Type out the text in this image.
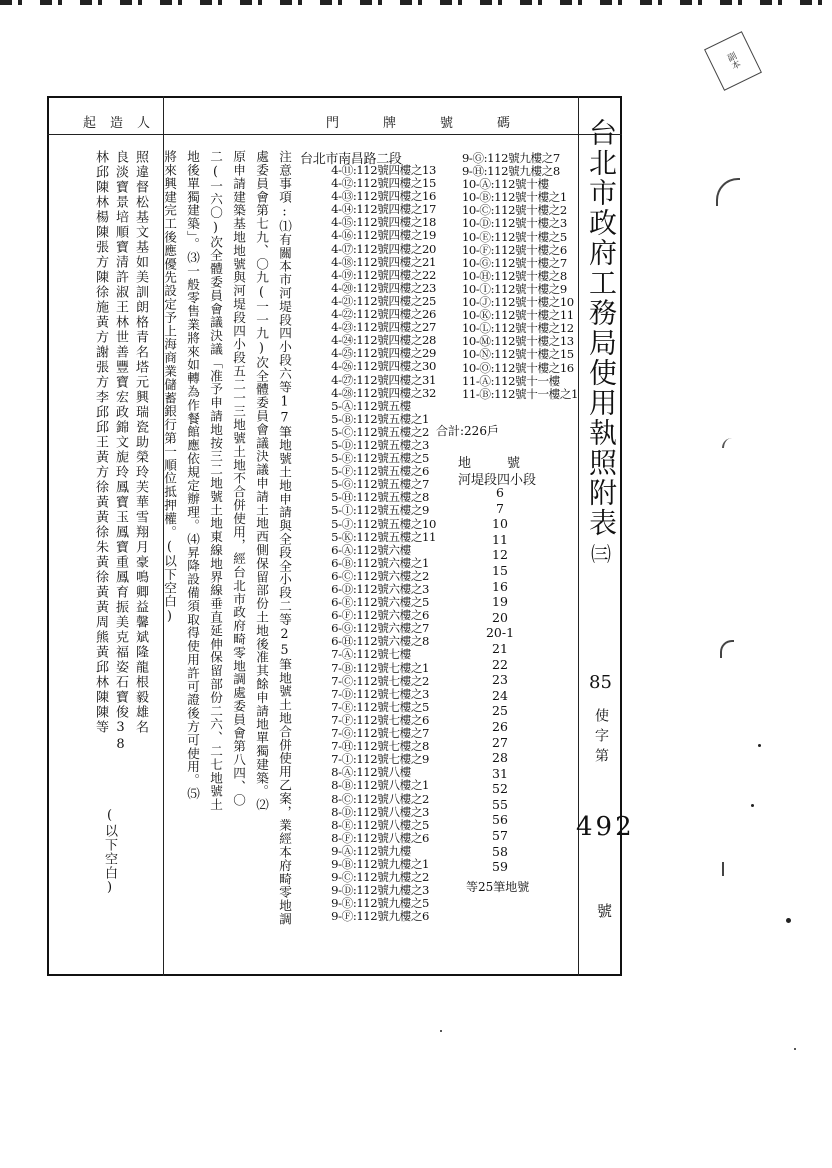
副本
起造人	門牌號碼 台北市政府工務局使用執照附表
㈢
85
使字第
492
號
台北市南昌路二段
4-⑪:112號四樓之13
4-⑫:112號四樓之15
4-⑬:112號四樓之16
4-⑭:112號四樓之17
4-⑮:112號四樓之18
4-⑯:112號四樓之19
4-⑰:112號四樓之20
4-⑱:112號四樓之21
4-⑲:112號四樓之22
4-⑳:112號四樓之23
4-㉑:112號四樓之25
4-㉒:112號四樓之26
4-㉓:112號四樓之27
4-㉔:112號四樓之28
4-㉕:112號四樓之29
4-㉖:112號四樓之30
4-㉗:112號四樓之31
4-㉘:112號四樓之32
5-Ⓐ:112號五樓
5-Ⓑ:112號五樓之1
5-Ⓒ:112號五樓之2
5-Ⓓ:112號五樓之3
5-Ⓔ:112號五樓之5
5-Ⓕ:112號五樓之6
5-Ⓖ:112號五樓之7
5-Ⓗ:112號五樓之8
5-Ⓘ:112號五樓之9
5-Ⓙ:112號五樓之10
5-Ⓚ:112號五樓之11
6-Ⓐ:112號六樓
6-Ⓑ:112號六樓之1
6-Ⓒ:112號六樓之2
6-Ⓓ:112號六樓之3
6-Ⓔ:112號六樓之5
6-Ⓕ:112號六樓之6
6-Ⓖ:112號六樓之7
6-Ⓗ:112號六樓之8
7-Ⓐ:112號七樓
7-Ⓑ:112號七樓之1
7-Ⓒ:112號七樓之2
7-Ⓓ:112號七樓之3
7-Ⓔ:112號七樓之5
7-Ⓕ:112號七樓之6
7-Ⓖ:112號七樓之7
7-Ⓗ:112號七樓之8
7-Ⓘ:112號七樓之9
8-Ⓐ:112號八樓
8-Ⓑ:112號八樓之1
8-Ⓒ:112號八樓之2
8-Ⓓ:112號八樓之3
8-Ⓔ:112號八樓之5
8-Ⓕ:112號八樓之6
9-Ⓐ:112號九樓
9-Ⓑ:112號九樓之1
9-Ⓒ:112號九樓之2
9-Ⓓ:112號九樓之3
9-Ⓔ:112號九樓之5
9-Ⓕ:112號九樓之6
9-Ⓖ:112號九樓之7
9-Ⓗ:112號九樓之8
10-Ⓐ:112號十樓
10-Ⓑ:112號十樓之1
10-Ⓒ:112號十樓之2
10-Ⓓ:112號十樓之3
10-Ⓔ:112號十樓之5
10-Ⓕ:112號十樓之6
10-Ⓖ:112號十樓之7
10-Ⓗ:112號十樓之8
10-Ⓘ:112號十樓之9
10-Ⓙ:112號十樓之10
10-Ⓚ:112號十樓之11
10-Ⓛ:112號十樓之12
10-Ⓜ:112號十樓之13
10-Ⓝ:112號十樓之15
10-Ⓞ:112號十樓之16
11-Ⓐ:112號十一樓
11-Ⓑ:112號十一樓之1
合計:226戶
地號
河堤段四小段
6
7
10
11
12
15
16
19
20
20-1
21
22
23
24
25
26
27
28
31
52
55
56
57
58
59
等25筆地號
注意事項:⑴有關本市河堤段四小段六等17筆地號土地申請與全段全小段二等25筆地號土地合併使用乙案，業經本府畸零地調
處委員會第七九、〇九(一一九)次全體委員會議決議申請土地西側保留部份土地後准其餘申請地單獨建築。⑵
原申請建築基地地號與河堤段四小段五二一三地號土地不合併使用，經台北市政府畸零地調處委員會第八四、〇
二(一六〇)次全體委員會議決議「准予申請地按三二地號土地東線地界線垂直延伸保留部份二六、二七地號土
地後單獨建築」。⑶一般零售業將來如轉為作餐館應依規定辦理。⑷昇降設備須取得使用許可證後方可使用。⑸
將來興建完工後應優先設定予上海商業儲蓄銀行第一順位抵押權。(以下空白)
照違督松基文基如美訓朗格青名塔元興瑞瓷助榮玲芙華雪翔月豪鳴卿益馨斌隆龍根毅雄名
良淡寶景培順寶清許淑王林世善豐寶宏政錦文旎玲鳳寶玉鳳寶重鳳育振美克福姿石寶俊38
林邱陳林楊陳張方陳徐施黃方謝張方李邱邱王黃方徐黃黃徐朱黃徐黃黃周熊黃邱林陳陳等
(以下空白)
